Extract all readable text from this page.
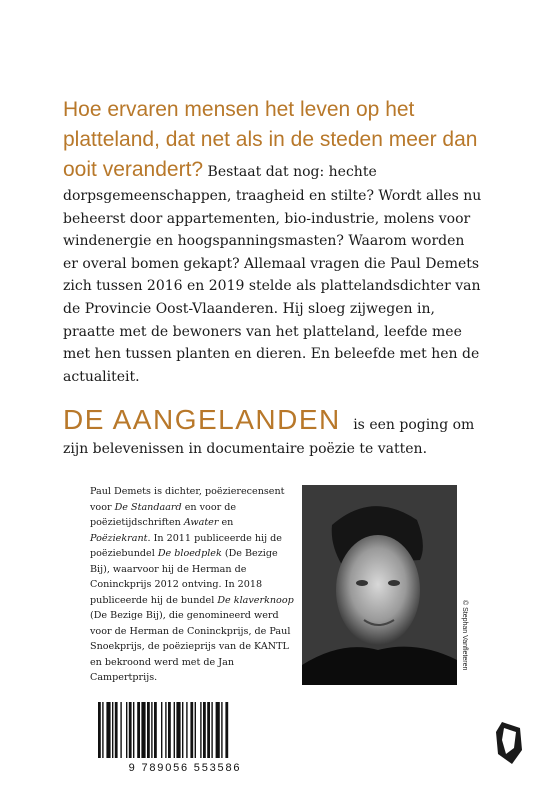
Hoe ervaren mensen het leven op het platteland, dat net als in de steden meer dan ooit verandert? Bestaat dat nog: hechte dorpsgemeenschappen, traagheid en stilte? Wordt alles nu beheerst door appartementen, bio-industrie, molens voor windenergie en hoogspanningsmasten? Waarom worden er overal bomen gekapt? Allemaal vragen die Paul Demets zich tussen 2016 en 2019 stelde als plattelandsdichter van de Provincie Oost-Vlaanderen. Hij sloeg zijwegen in, praatte met de bewoners van het platteland, leefde mee met hen tussen planten en dieren. En beleefde met hen de actualiteit.
DE AANGELANDEN is een poging om zijn belevenissen in documentaire poëzie te vatten.
Paul Demets is dichter, poëzierecensent voor De Standaard en voor de poëzietijdschriften Awater en Poëziekrant. In 2011 publiceerde hij de poëziebundel De bloedplek (De Bezige Bij), waarvoor hij de Herman de Coninckprijs 2012 ontving. In 2018 publiceerde hij de bundel De klaverknoop (De Bezige Bij), die genomineerd werd voor de Herman de Coninckprijs, de Paul Snoekprijs, de poëzieprijs van de KANTL en bekroond werd met de Jan Campertprijs.
© Stephan Vanfleteren
9 789056 553586
